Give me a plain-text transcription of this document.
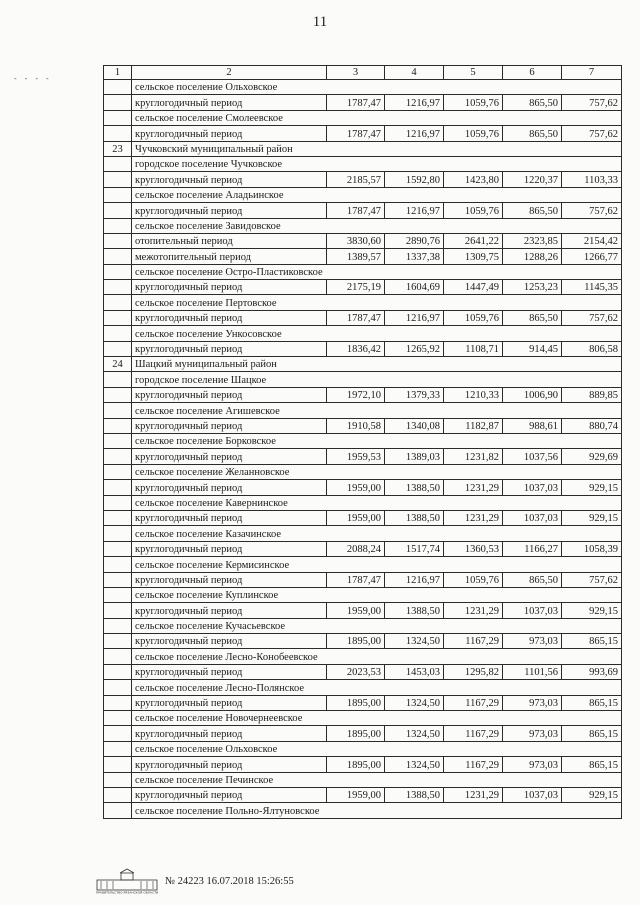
11
- - - -
1	2	3	4	5	6	7
	сельское поселение Ольховское					
	круглогодичный период	1787,47	1216,97	1059,76	865,50	757,62
	сельское поселение Смолеевское					
	круглогодичный период	1787,47	1216,97	1059,76	865,50	757,62
23	Чучковский муниципальный район					
	городское поселение Чучковское					
	круглогодичный период	2185,57	1592,80	1423,80	1220,37	1103,33
	сельское поселение Аладьинское					
	круглогодичный период	1787,47	1216,97	1059,76	865,50	757,62
	сельское поселение Завидовское					
	отопительный период	3830,60	2890,76	2641,22	2323,85	2154,42
	межотопительный период	1389,57	1337,38	1309,75	1288,26	1266,77
	сельское поселение Остро-Пластиковское					
	круглогодичный период	2175,19	1604,69	1447,49	1253,23	1145,35
	сельское поселение Пертовское					
	круглогодичный период	1787,47	1216,97	1059,76	865,50	757,62
	сельское поселение Ункосовское					
	круглогодичный период	1836,42	1265,92	1108,71	914,45	806,58
24	Шацкий муниципальный район					
	городское поселение Шацкое					
	круглогодичный период	1972,10	1379,33	1210,33	1006,90	889,85
	сельское поселение Агишевское					
	круглогодичный период	1910,58	1340,08	1182,87	988,61	880,74
	сельское поселение Борковское					
	круглогодичный период	1959,53	1389,03	1231,82	1037,56	929,69
	сельское поселение Желанновское					
	круглогодичный период	1959,00	1388,50	1231,29	1037,03	929,15
	сельское поселение Кавернинское					
	круглогодичный период	1959,00	1388,50	1231,29	1037,03	929,15
	сельское поселение Казачинское					
	круглогодичный период	2088,24	1517,74	1360,53	1166,27	1058,39
	сельское поселение Кермисинское					
	круглогодичный период	1787,47	1216,97	1059,76	865,50	757,62
	сельское поселение Куплинское					
	круглогодичный период	1959,00	1388,50	1231,29	1037,03	929,15
	сельское поселение Кучасьевское					
	круглогодичный период	1895,00	1324,50	1167,29	973,03	865,15
	сельское поселение Лесно-Конобеевское					
	круглогодичный период	2023,53	1453,03	1295,82	1101,56	993,69
	сельское поселение Лесно-Полянское					
	круглогодичный период	1895,00	1324,50	1167,29	973,03	865,15
	сельское поселение Новочернеевское					
	круглогодичный период	1895,00	1324,50	1167,29	973,03	865,15
	сельское поселение Ольховское					
	круглогодичный период	1895,00	1324,50	1167,29	973,03	865,15
	сельское поселение Печинское					
	круглогодичный период	1959,00	1388,50	1231,29	1037,03	929,15
	сельское поселение Польно-Ялтуновское					
ПРАВИТЕЛЬСТВО РЯЗАНСКОЙ ОБЛАСТИ
№ 24223 16.07.2018 15:26:55
